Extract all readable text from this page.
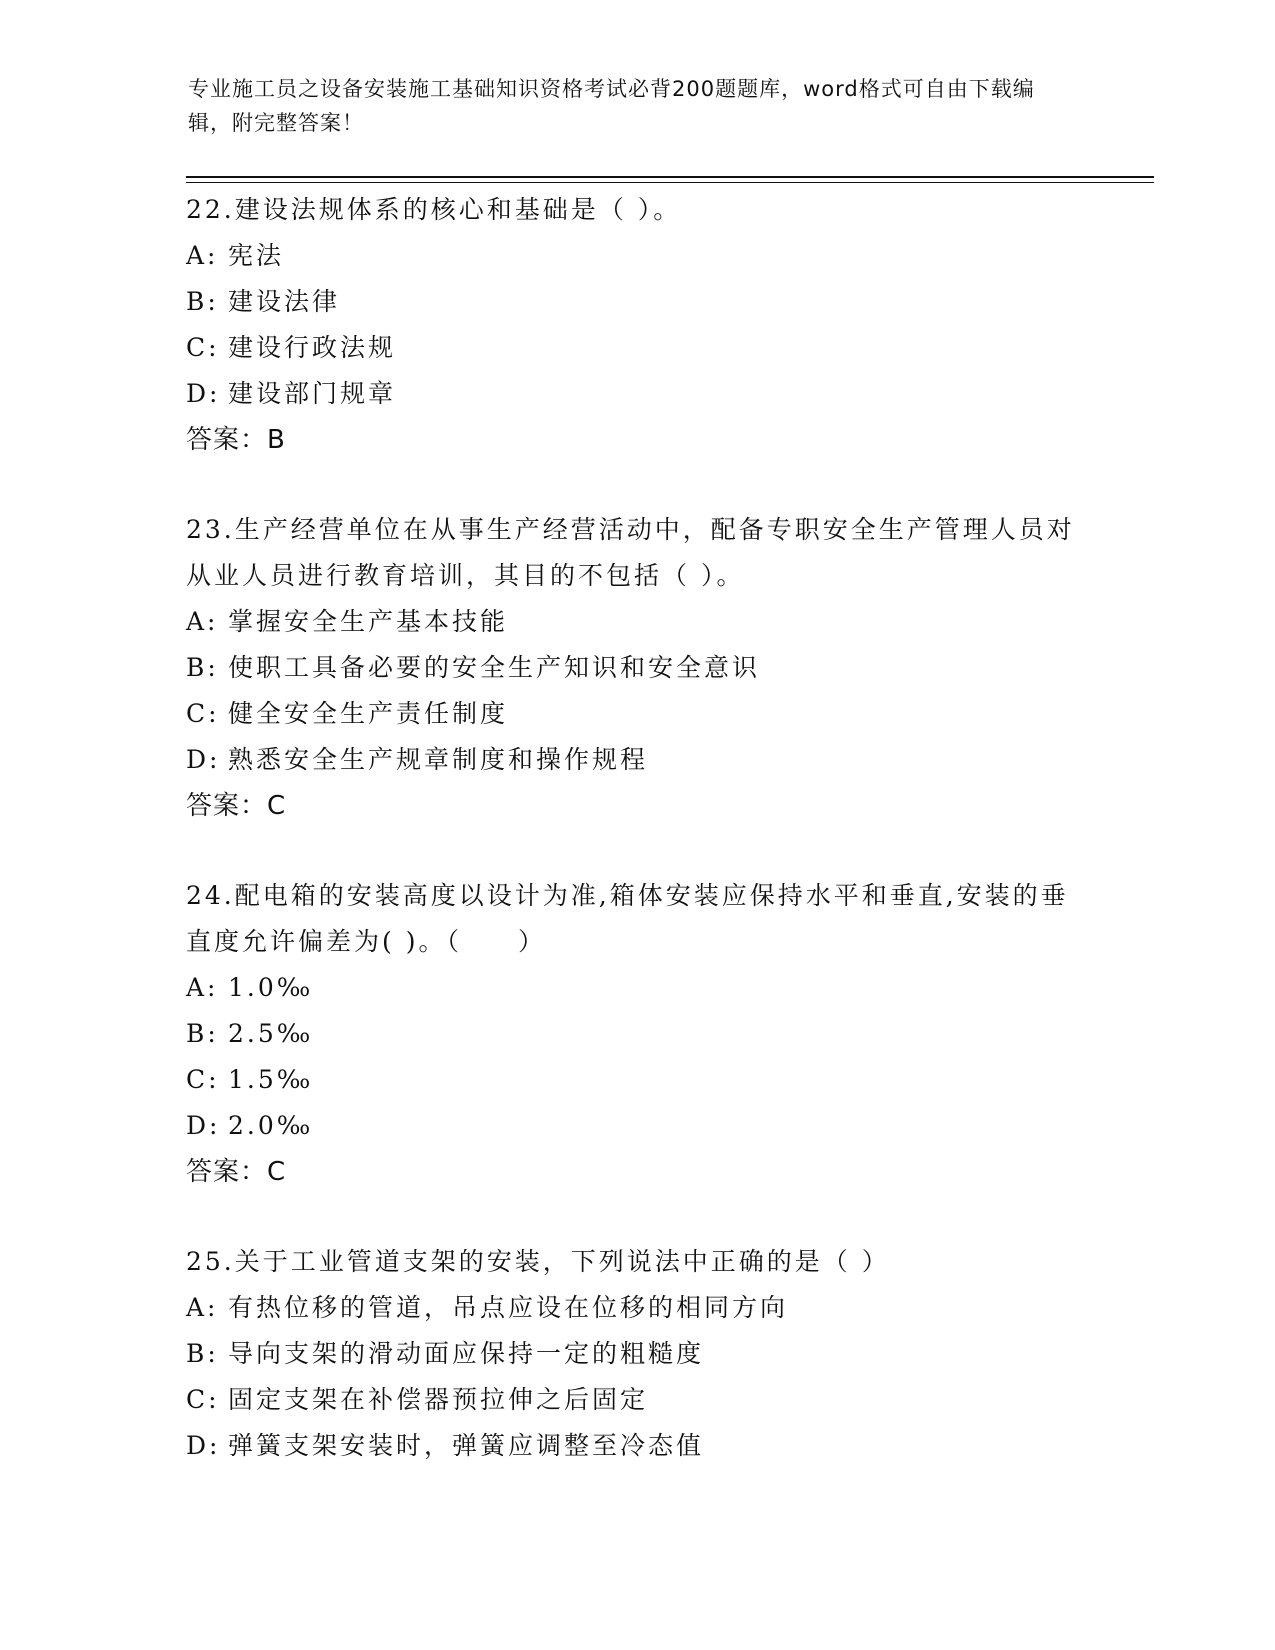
专业施工员之设备安装施工基础知识资格考试必背200题题库，word格式可自由下载编辑，附完整答案！

22.建设法规体系的核心和基础是（ ）。

A: 宪法

B: 建设法律

C: 建设行政法规

D: 建设部门规章

答案：B

23.生产经营单位在从事生产经营活动中，配备专职安全生产管理人员对从业人员进行教育培训，其目的不包括（ ）。

A: 掌握安全生产基本技能

B: 使职工具备必要的安全生产知识和安全意识

C: 健全安全生产责任制度

D: 熟悉安全生产规章制度和操作规程

答案：C

24.配电箱的安装高度以设计为准,箱体安装应保持水平和垂直,安装的垂直度允许偏差为( )。（　　）

A: 1.0‰

B: 2.5‰

C: 1.5‰

D: 2.0‰

答案：C

25.关于工业管道支架的安装，下列说法中正确的是（ ）

A: 有热位移的管道，吊点应设在位移的相同方向

B: 导向支架的滑动面应保持一定的粗糙度

C: 固定支架在补偿器预拉伸之后固定

D: 弹簧支架安装时，弹簧应调整至冷态值
